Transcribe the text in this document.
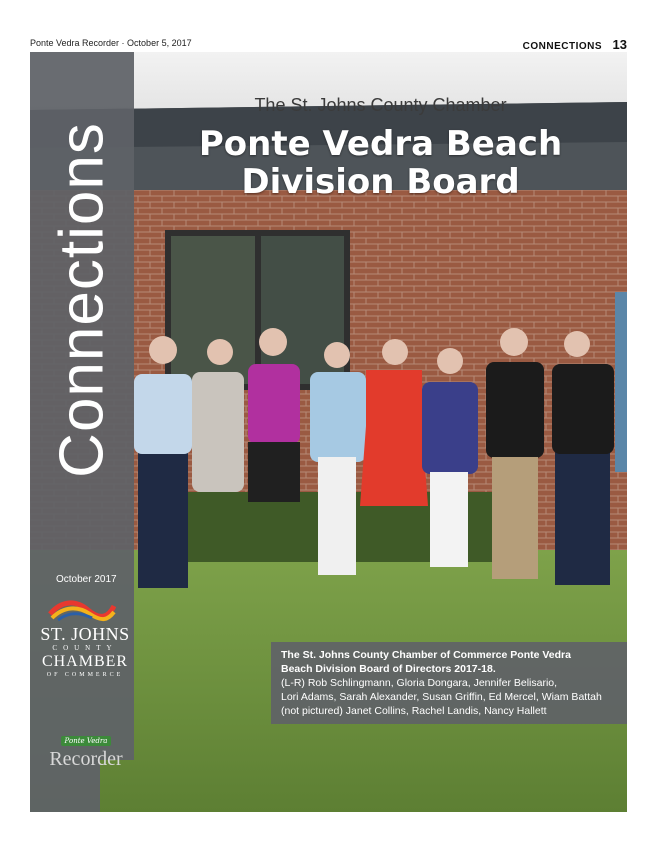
Ponte Vedra Recorder · October 5, 2017	CONNECTIONS 13
Connections
October 2017
ST. JOHNS
COUNTY
CHAMBER
OF COMMERCE
Ponte Vedra
Recorder
The St. Johns County Chamber
Ponte Vedra Beach
Division Board
The St. Johns County Chamber of Commerce Ponte Vedra
Beach Division Board of Directors 2017-18.
(L-R) Rob Schlingmann, Gloria Dongara, Jennifer Belisario,
Lori Adams, Sarah Alexander, Susan Griffin, Ed Mercel, Wiam Battah
(not pictured) Janet Collins, Rachel Landis, Nancy Hallett
